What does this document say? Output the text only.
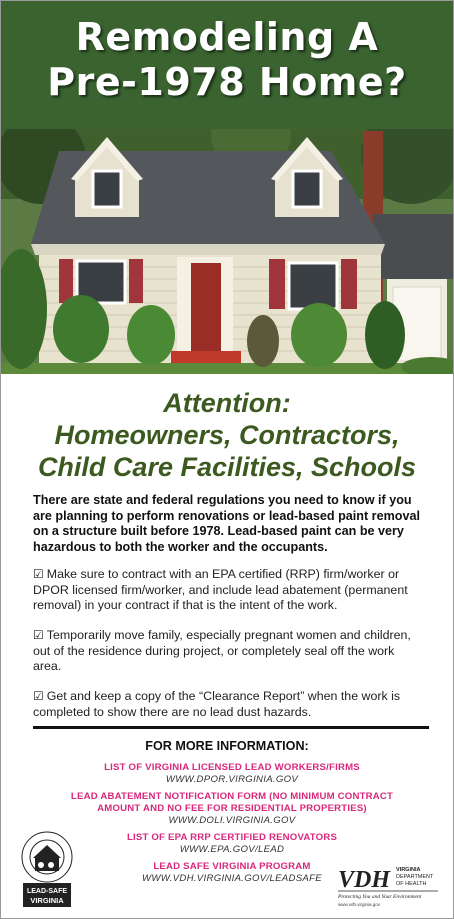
Remodeling A
Pre-1978 Home?
Attention:
Homeowners, Contractors,
Child Care Facilities, Schools
There are state and federal regulations you need to know if you are planning to perform renovations or lead-based paint removal on a structure built before 1978. Lead-based paint can be very hazardous to both the worker and the occupants.
☑ Make sure to contract with an EPA certified (RRP) firm/worker or DPOR licensed firm/worker, and include lead abatement (permanent removal) in your contract if that is the intent of the work.
☑ Temporarily move family, especially pregnant women and children, out of the residence during project, or completely seal off the work area.
☑ Get and keep a copy of the “Clearance Report” when the work is completed to show there are no lead dust hazards.
FOR MORE INFORMATION:
LIST OF VIRGINIA LICENSED LEAD WORKERS/FIRMS
WWW.DPOR.VIRGINIA.GOV
LEAD ABATEMENT NOTIFICATION FORM (NO MINIMUM CONTRACT AMOUNT AND NO FEE FOR RESIDENTIAL PROPERTIES)
WWW.DOLI.VIRGINIA.GOV
LIST OF EPA RRP CERTIFIED RENOVATORS
WWW.EPA.GOV/LEAD
LEAD SAFE VIRGINIA PROGRAM
WWW.VDH.VIRGINIA.GOV/LEADSAFE
LEAD-SAFE
VIRGINIA
VDH VIRGINIA
DEPARTMENT
OF HEALTH
Protecting You and Your Environment
www.vdh.virginia.gov
